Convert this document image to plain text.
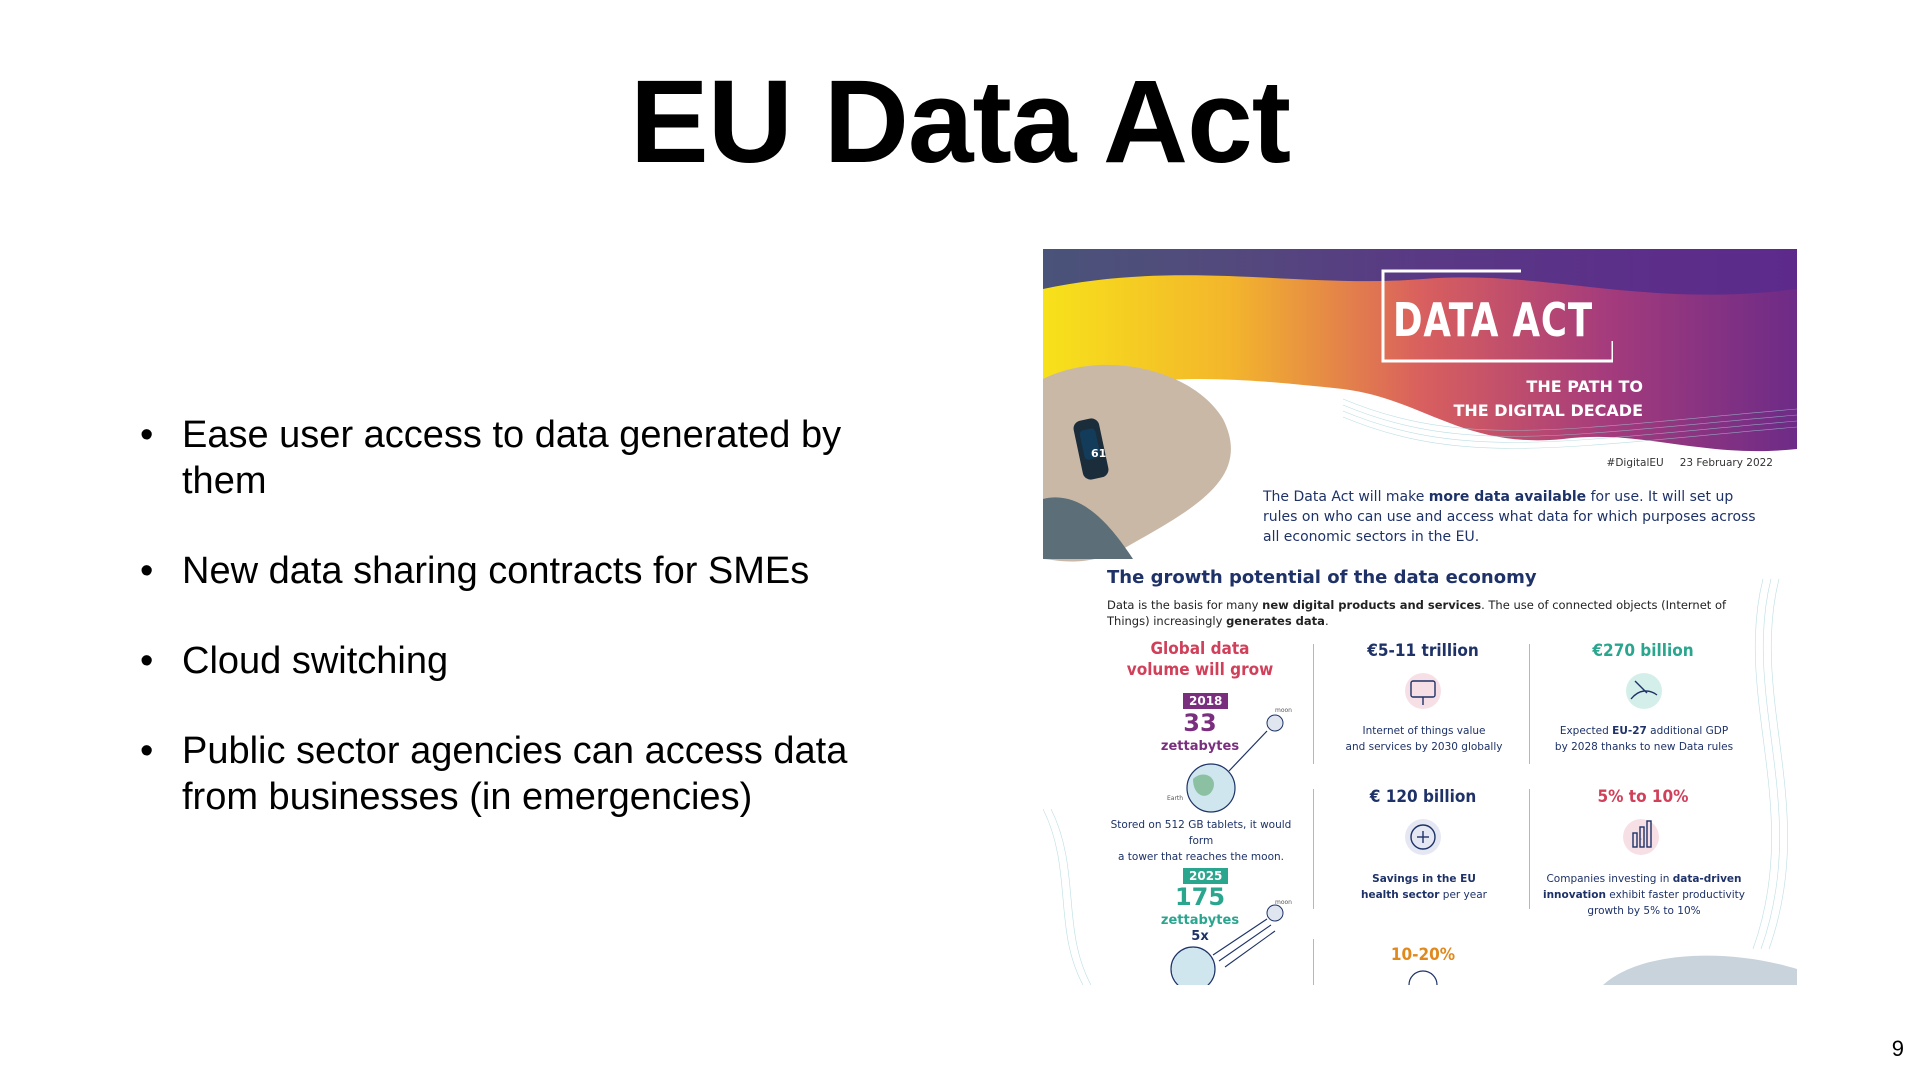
EU Data Act
• Ease user access to data generated by them
• New data sharing contracts for SMEs
• Cloud switching
• Public sector agencies can access data from businesses (in emergencies)
DATA ACT
THE PATH TO
THE DIGITAL DECADE
61
#DigitalEU 23 February 2022
The Data Act will make more data available for use. It will set up rules on who can use and access what data for which purposes across all economic sectors in the EU.
The growth potential of the data economy
Data is the basis for many new digital products and services. The use of connected objects (Internet of Things) increasingly generates data.
Global data
volume will grow
2018
33
zettabytes
moon
Earth
Stored on 512 GB tablets, it would form
a tower that reaches the moon.
2025
175
zettabytes
5x
moon
€5-11 trillion
Internet of things value
and services by 2030 globally
€270 billion
Expected EU-27 additional GDP
by 2028 thanks to new Data rules
€ 120 billion
Savings in the EU
health sector per year
5% to 10%
Companies investing in data-driven
innovation exhibit faster productivity
growth by 5% to 10%
10-20%
9
